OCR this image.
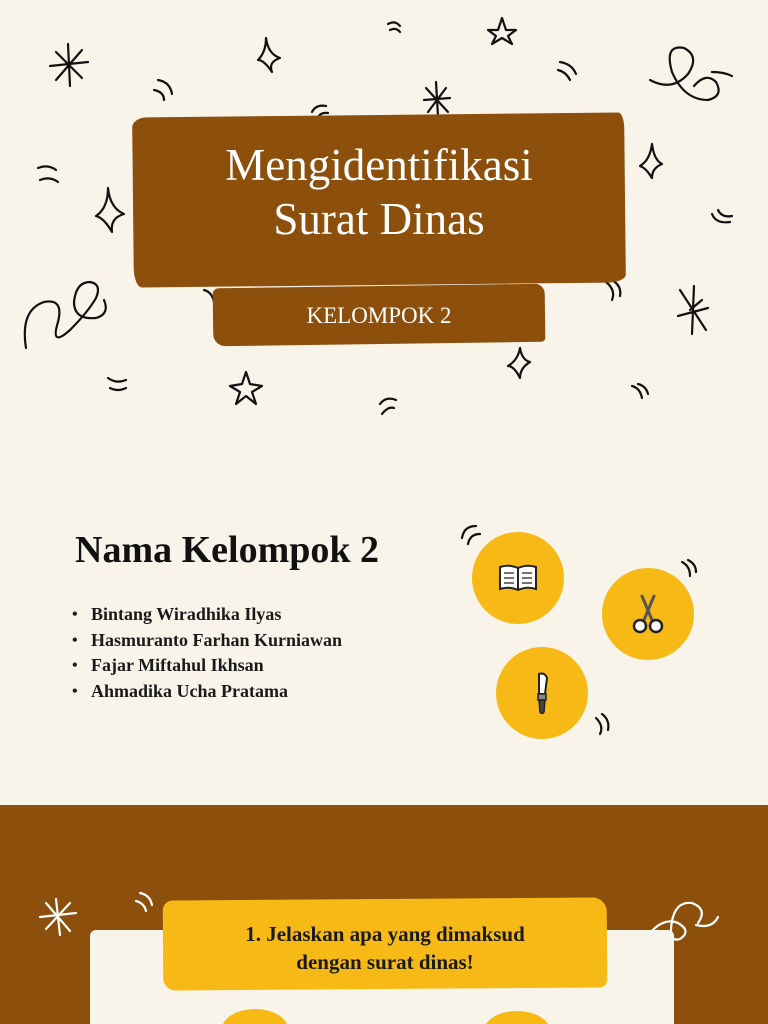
Mengidentifikasi
Surat Dinas
KELOMPOK 2
Nama Kelompok 2
• Bintang Wiradhika Ilyas
• Hasmuranto Farhan Kurniawan
• Fajar Miftahul Ikhsan
• Ahmadika Ucha Pratama
1. Jelaskan apa yang dimaksud
dengan surat dinas!
